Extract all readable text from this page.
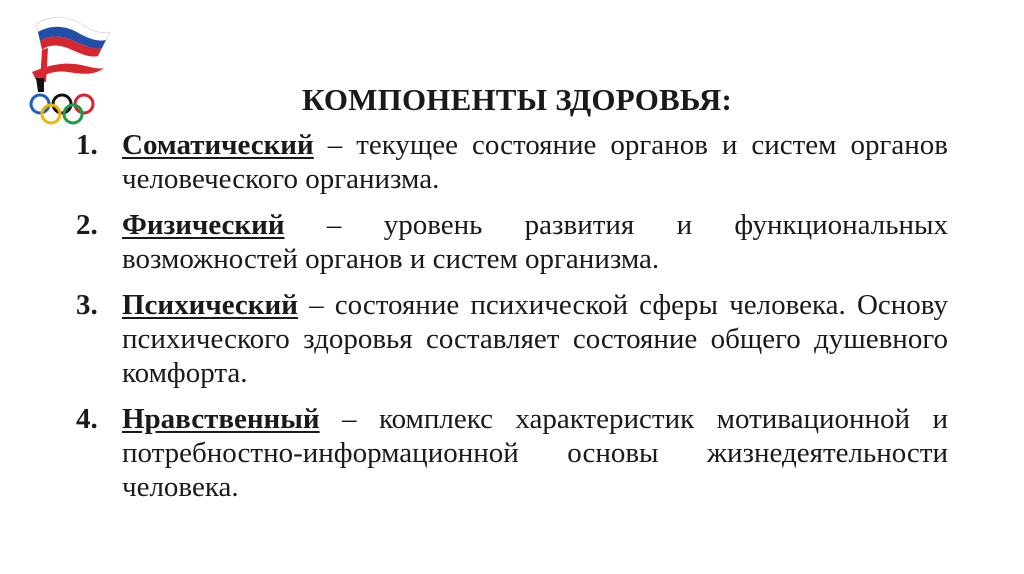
КОМПОНЕНТЫ ЗДОРОВЬЯ:
1. Соматический – текущее состояние органов и систем органов человеческого организма.
2. Физический – уровень развития и функциональных возможностей органов и систем организма.
3. Психический – состояние психической сферы человека. Основу психического здоровья составляет состояние общего душевного комфорта.
4. Нравственный – комплекс характеристик мотивационной и потребностно-информационной основы жизнедеятельности человека.
